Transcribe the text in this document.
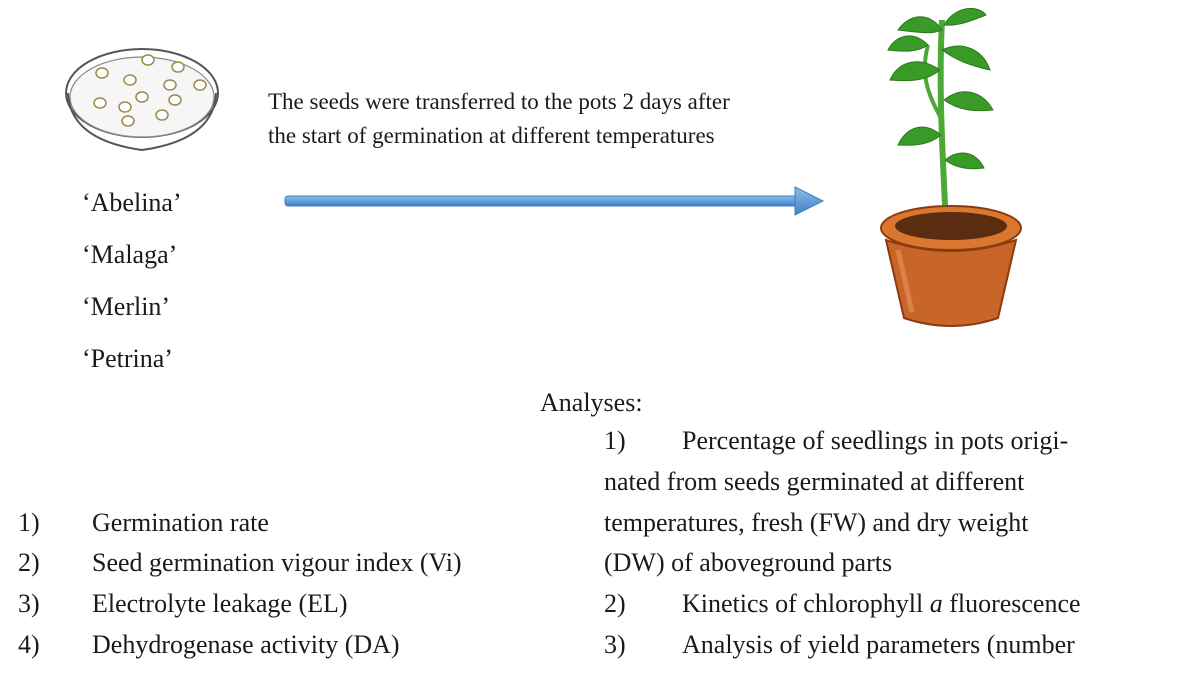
The seeds were transferred to the pots 2 days after
the start of germination at different temperatures
‘Abelina’
‘Malaga’
‘Merlin’
‘Petrina’
Analyses:
1) Germination rate
2) Seed germination vigour index (Vi)
3) Electrolyte leakage (EL)
4) Dehydrogenase activity (DA)
1) Percentage of seedlings in pots origi-
nated from seeds germinated at different
temperatures, fresh (FW) and dry weight
(DW) of aboveground parts
2) Kinetics of chlorophyll a fluorescence
3) Analysis of yield parameters (number
